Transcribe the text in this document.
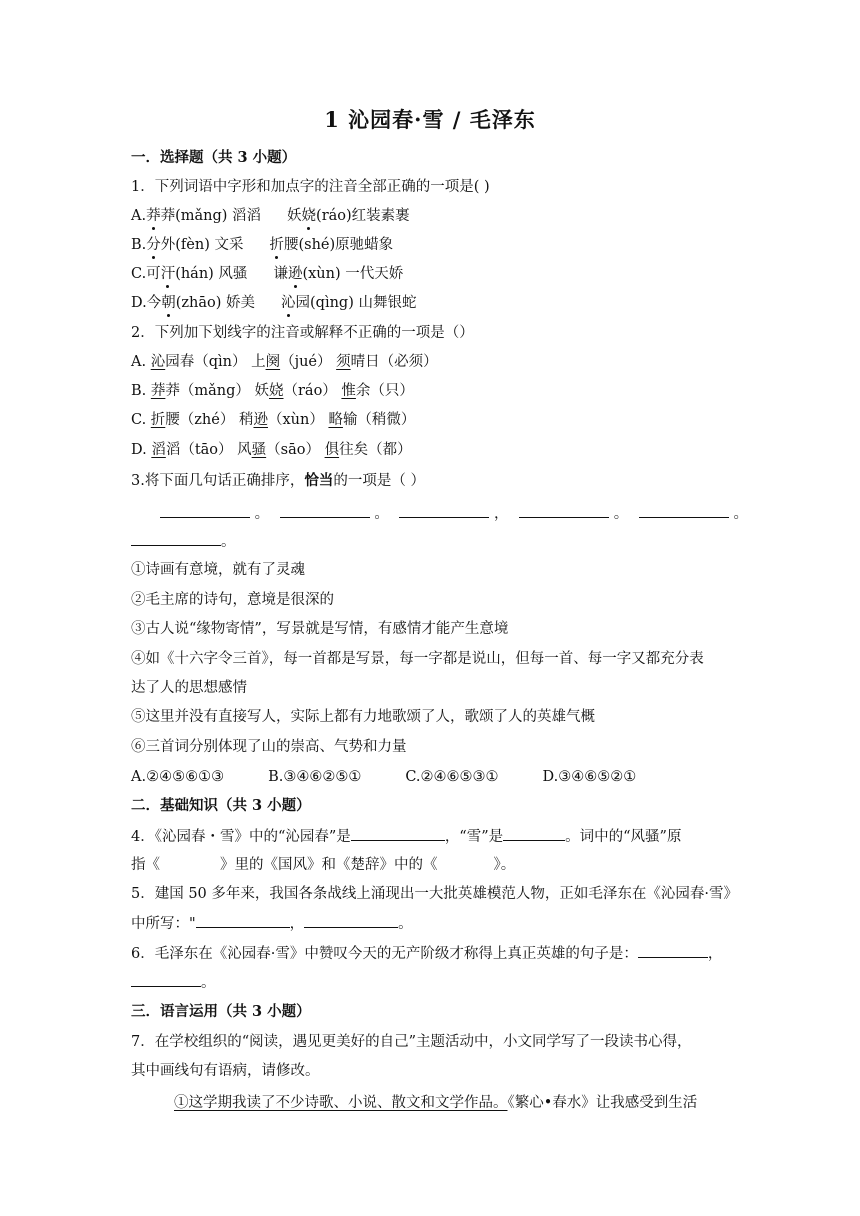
1 沁园春·雪 / 毛泽东
一．选择题（共 3 小题）
1．下列词语中字形和加点字的注音全部正确的一项是( )
A.莽莽(mǎng) 滔滔 妖娆(ráo)红装素裹
B.分外(fèn) 文采 折腰(shé)原驰蜡象
C.可汗(hán) 风骚 谦逊(xùn) 一代天娇
D.今朝(zhāo) 娇美 沁园(qìng) 山舞银蛇
2．下列加下划线字的注音或解释不正确的一项是（）
A. 沁园春（qìn） 上阕（jué） 须晴日（必须）
B. 莽莽（mǎng） 妖娆（ráo） 惟余（只）
C. 折腰（zhé） 稍逊（xùn） 略输（稍微）
D. 滔滔（tāo） 风骚（sāo） 俱往矣（都）
3.将下面几句话正确排序，恰当的一项是（ ）
。	。	，	。	。
。
①诗画有意境，就有了灵魂
②毛主席的诗句，意境是很深的
③古人说“缘物寄情”，写景就是写情，有感情才能产生意境
④如《十六字令三首》，每一首都是写景，每一字都是说山，但每一首、每一字又都充分表
达了人的思想感情
⑤这里并没有直接写人，实际上都有力地歌颂了人，歌颂了人的英雄气概
⑥三首词分别体现了山的崇高、气势和力量
A.②④⑤⑥①③	B.③④⑥②⑤①	C.②④⑥⑤③①	D.③④⑥⑤②①
二．基础知识（共 3 小题）
4．《沁园春・雪》中的“沁园春”是	，“雪”是	。词中的“风骚”原
指《	》里的《国风》和《楚辞》中的《	》。
5．建国 50 多年来，我国各条战线上涌现出一大批英雄模范人物，正如毛泽东在《沁园春·雪》
中所写："	，	。
6．毛泽东在《沁园春·雪》中赞叹今天的无产阶级才称得上真正英雄的句子是：	，
。
三．语言运用（共 3 小题）
7．在学校组织的“阅读，遇见更美好的自己”主题活动中，小文同学写了一段读书心得，
其中画线句有语病，请修改。
①这学期我读了不少诗歌、小说、散文和文学作品。《繁心•春水》让我感受到生活
